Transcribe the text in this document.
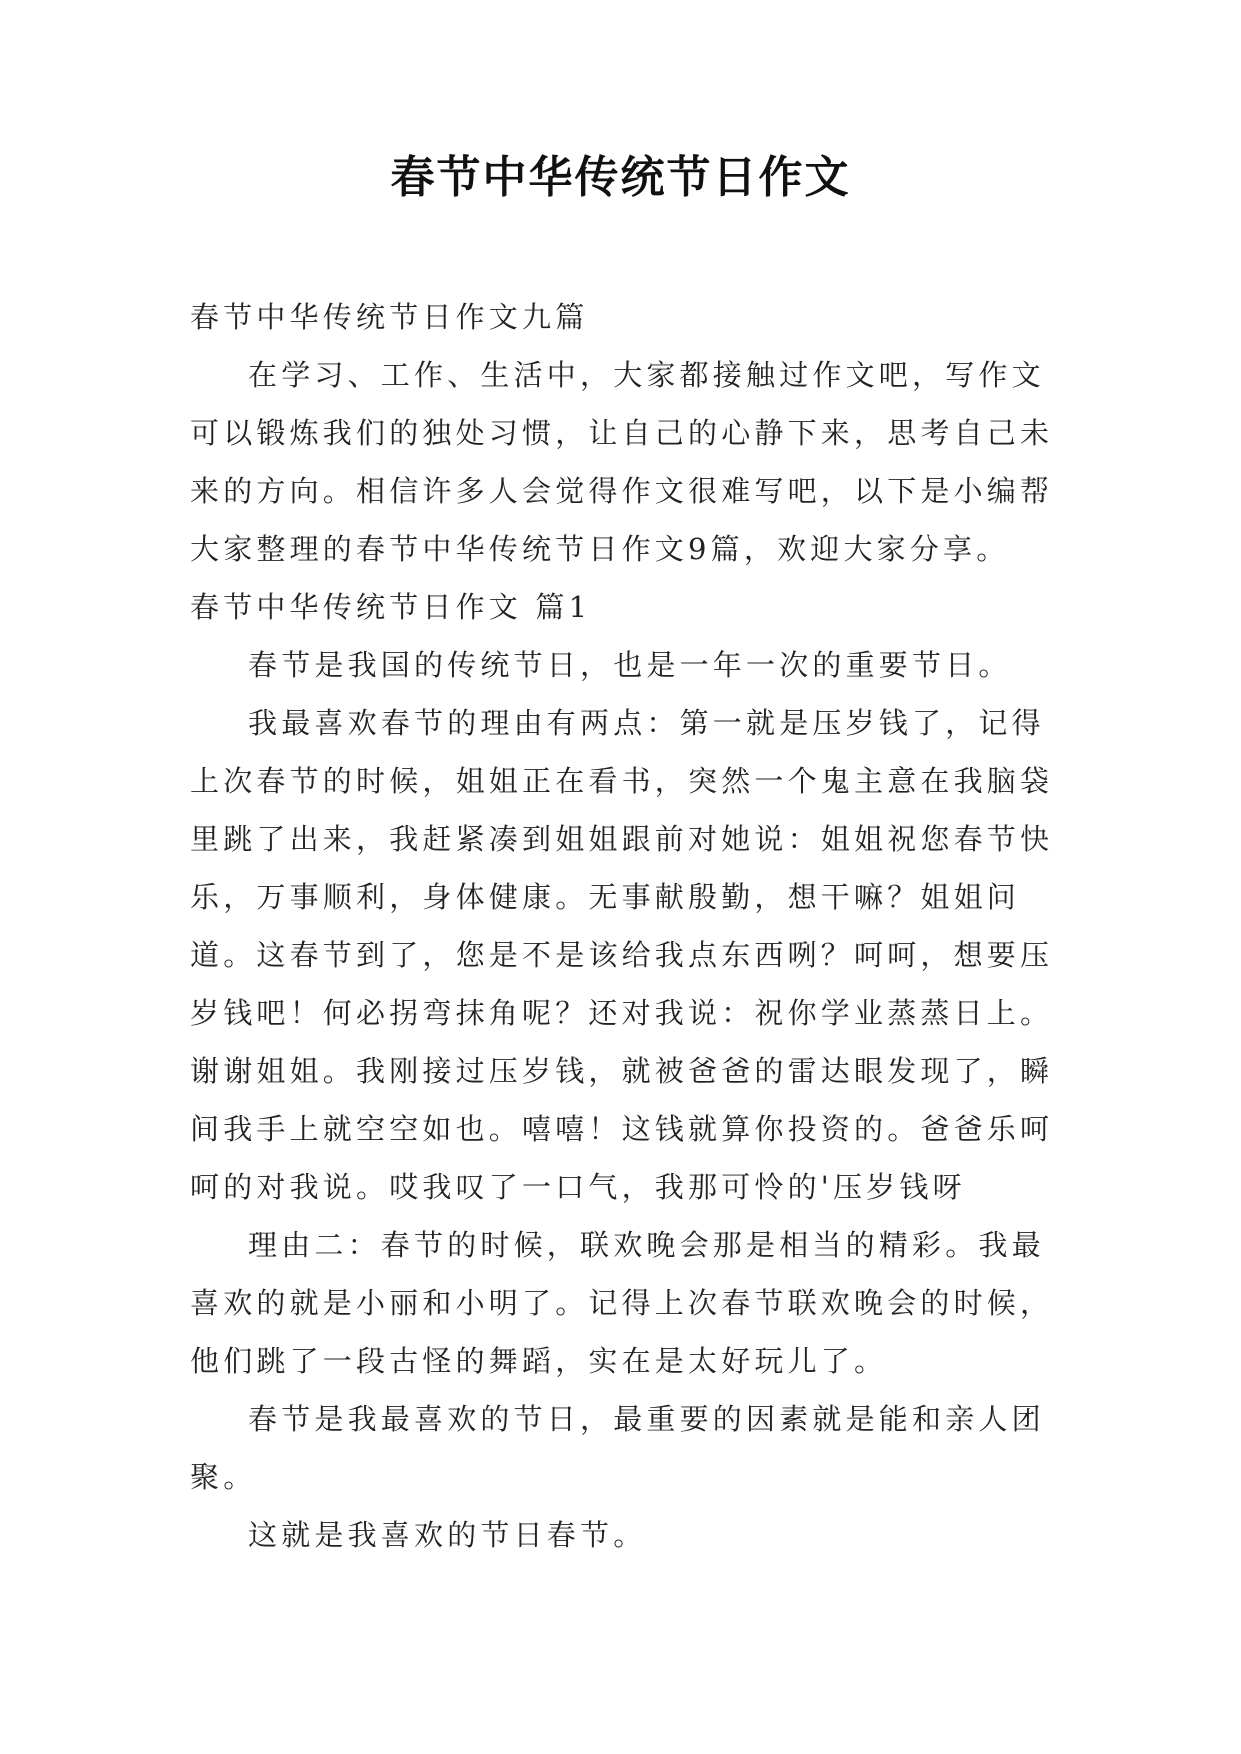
春节中华传统节日作文

春节中华传统节日作文九篇

在学习、工作、生活中，大家都接触过作文吧，写作文可以锻炼我们的独处习惯，让自己的心静下来，思考自己未来的方向。相信许多人会觉得作文很难写吧，以下是小编帮大家整理的春节中华传统节日作文9篇，欢迎大家分享。

春节中华传统节日作文 篇1

春节是我国的传统节日，也是一年一次的重要节日。

我最喜欢春节的理由有两点：第一就是压岁钱了，记得上次春节的时候，姐姐正在看书，突然一个鬼主意在我脑袋里跳了出来，我赶紧凑到姐姐跟前对她说：姐姐祝您春节快乐，万事顺利，身体健康。无事献殷勤，想干嘛？姐姐问道。这春节到了，您是不是该给我点东西咧？呵呵，想要压岁钱吧！何必拐弯抹角呢？还对我说：祝你学业蒸蒸日上。谢谢姐姐。我刚接过压岁钱，就被爸爸的雷达眼发现了，瞬间我手上就空空如也。嘻嘻！这钱就算你投资的。爸爸乐呵呵的对我说。哎我叹了一口气，我那可怜的'压岁钱呀

理由二：春节的时候，联欢晚会那是相当的精彩。我最喜欢的就是小丽和小明了。记得上次春节联欢晚会的时候，他们跳了一段古怪的舞蹈，实在是太好玩儿了。

春节是我最喜欢的节日，最重要的因素就是能和亲人团聚。

这就是我喜欢的节日春节。
